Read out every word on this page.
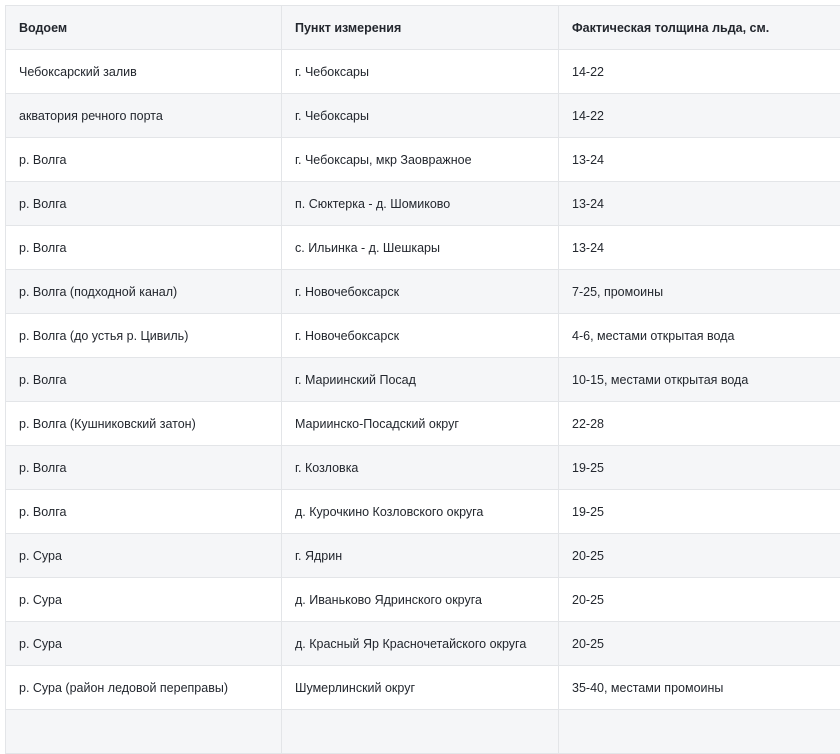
Водоем	Пункт измерения	Фактическая толщина льда, см.
Чебоксарский залив	г. Чебоксары	14-22
акватория речного порта	г. Чебоксары	14-22
р. Волга	г. Чебоксары, мкр Заовражное	13-24
р. Волга	п. Сюктерка - д. Шомиково	13-24
р. Волга	с. Ильинка - д. Шешкары	13-24
р. Волга (подходной канал)	г. Новочебоксарск	7-25, промоины
р. Волга (до устья р. Цивиль)	г. Новочебоксарск	4-6, местами открытая вода
р. Волга	г. Мариинский Посад	10-15, местами открытая вода
р. Волга (Кушниковский затон)	Мариинско-Посадский округ	22-28
р. Волга	г. Козловка	19-25
р. Волга	д. Курочкино Козловского округа	19-25
р. Сура	г. Ядрин	20-25
р. Сура	д. Иваньково Ядринского округа	20-25
р. Сура	д. Красный Яр Красночетайского округа	20-25
р. Сура (район ледовой переправы)	Шумерлинский округ	35-40, местами промоины
